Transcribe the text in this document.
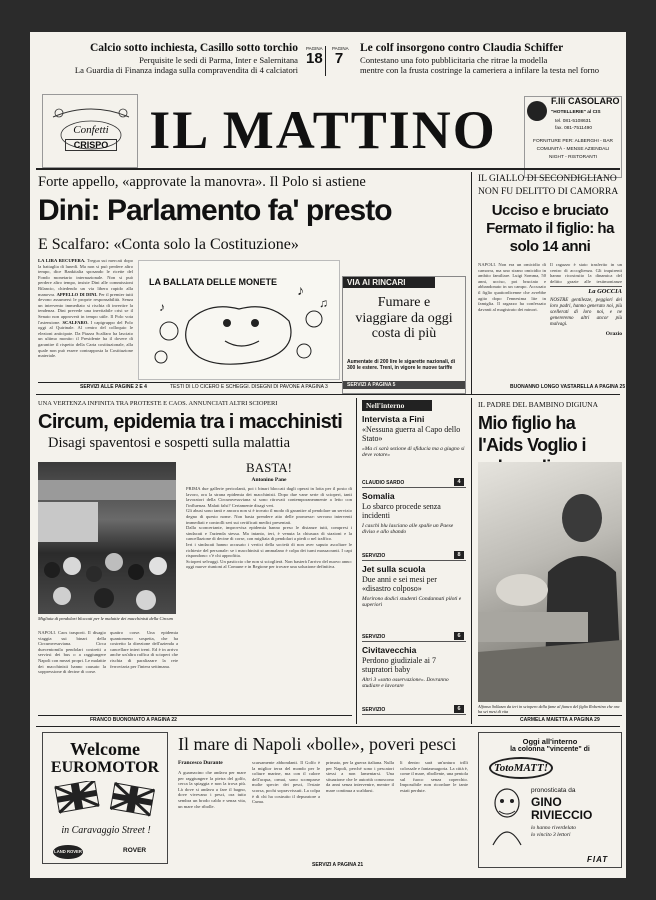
Calcio sotto inchiesta, Casillo sotto torchio
Perquisite le sedi di Parma, Inter e Salernitana
La Guardia di Finanza indaga sulla compravendita di 4 calciatori
PAGINA
18
PAGINA
7
Le colf insorgono contro Claudia Schiffer
Contestano una foto pubblicitaria che ritrae la modella
mentre con la frusta costringe la cameriera a infilare la testa nel forno
Confetti
CRISPO IL MATTINO	F.lli CASOLARO
"HOTELLERIE" al CIS
tel. 081-5108631
fax. 081-7511490
FORNITURE PER: ALBERGHI - BAR
COMUNITÀ - MENSE AZIENDALI
NIGHT - RISTORANTI
Forte appello, «approvate la manovra». Il Polo si astiene
Dini: Parlamento fa' presto
E Scalfaro: «Conta solo la Costituzione»
LA LIRA RECUPERA. Tregua sui mercati dopo la battaglia di lunedì. Ma non si può perdere altro tempo, dice Bankitalia sposando le ricette del Fondo monetario internazionale. Non si può perdere altro tempo, insiste Dini alle commissioni Bilancio, chiedendo un via libera rapido alla manovra. APPELLO DI DINI. Per il premier tutti devono assumersi le proprie responsabilità. Senza un intervento immediato si rischia di invertire la tendenza. Dini prevede una inevitabile crisi se il Senato non approverà in tempo utile. Il Polo vota l'astensione. SCALFARO. I capigruppo del Polo oggi al Quirinale. Al centro del colloquio le elezioni anticipate. Da Piazza Scalfaro ha lasciato un ultimo monito: il Presidente ha il dovere di garantire il rispetto della Carta costituzionale, alla quale non può essere contrapposta la Costituzione materiale.
LA BALLATA DELLE MONETE
♪
♫
♪
SERVIZI ALLE PAGINE 2 E 4	TESTI DI LO CICERO E SCHEGGI. DISEGNI DI PAVONE A PAGINA 3
VIA AI RINCARI
Fumare e viaggiare da oggi costa di più
Aumentate di 200 lire le sigarette nazionali, di 300 le estere. Treni, in vigore le nuove tariffe
SERVIZI A PAGINA 5
IL GIALLO DI SECONDIGLIANO
NON FU DELITTO DI CAMORRA
Ucciso e bruciato Fermato il figlio: ha solo 14 anni
NAPOLI. Non era un omicidio di camorra, ma uno strano omicidio in ambito familiare. Luigi Somma, 50 anni, ucciso, poi bruciato e abbandonato in un campo. Accusato il figlio quattordicenne che avrebbe agito dopo l'ennesima lite in famiglia. Il ragazzo ha confessato davanti al magistrato dei minori.
Il ragazzo è stato trasferito in un centro di accoglienza. Gli inquirenti hanno ricostruito la dinamica del delitto grazie alle testimonianze
La GOCCIA
NOSTRE gentilezze, peggiori dei loro padri, hanno generato noi, più scellerati di loro noi, e ne genereremo altri ancor più malvagi.
Orazio
BUONANNO LONGO VASTARELLA A PAGINA 25
UNA VERTENZA INFINITA TRA PROTESTE E CAOS. ANNUNCIATI ALTRI SCIOPERI
Circum, epidemia tra i macchinisti
Disagi spaventosi e sospetti sulla malattia
Migliaia di pendolari bloccati per le malattie dei macchinisti della Circum
NAPOLI. Caos trasporti. Il disagio viaggia sui binari della Circumvesuviana. Circa duecentomila pendolari costretti a servirsi dei bus o a raggiungere Napoli con mezzi propri. Le malattie dei macchinisti hanno causato la soppressione di decine di corse.
quattro corse. Una epidemia quantomeno sospetta, che ha costretto la direzione dell'azienda a cancellare interi treni. Ed è in arrivo anche un'altra raffica di scioperi che rischia di paralizzare la rete ferroviaria per l'intera settimana.
BASTA!
Antonino Pane

PRIMA due gallerie pericolanti, poi i binari bloccati dagli operai in lotta per il posto di lavoro, ora la strana epidemia dei macchinisti. Dopo due vane serie di scioperi, tanti lavoratori della Circumvesuviana si sono ritrovati contemporaneamente a letto con l'influenza. Malati falsi? Certamente disagi veri.

Gli abusi sono tanti e ancora non si è trovato il modo di garantire al pendolare un servizio degno di questo nome. Non basta prendere atto delle promesse: servono interventi immediati e controlli seri sui certificati medici presentati.

Dalla sconcertante, improvvisa epidemia hanno preso le distanze tutti, compresi i sindacati e l'azienda stessa. Ma intanto, ieri, è venuta la chiusura di stazioni e la cancellazione di decine di corse, con migliaia di pendolari a piedi o nel traffico.

Ieri i sindacati hanno accusato i vertici della società di non aver saputo ascoltare le richieste del personale: se i macchinisti si ammalano è colpa dei turni massacranti. I capi rispondono: c'è chi approfitta.

Scioperi selvaggi. Un pasticcio che non si scioglierà. Non basterà l'arrivo del nuovo anno: oggi nuove riunioni al Comune e in Regione per trovare una soluzione definitiva.

FRANCO BUONONATO A PAGINA 22
Nell'interno
Intervista a Fini
«Nessuna guerra al Capo dello Stato»
«Ma ci sarà sezione di sfiducia ma a giugno si deve votare»
CLAUDIO SARDO	4
Somalia
Lo sbarco procede senza incidenti
I caschi blu lasciano alle spalle un Paese diviso e allo sbando
SERVIZIO	8
Jet sulla scuola
Due anni e sei mesi per «disastro colposo»
Morirono dodici studenti Condannati piloti e superiori
SERVIZIO	6
Civitavecchia
Perdono giudiziale ai 7 stupratori baby
Altri 3 «sotto osservazione». Dovranno studiare e lavorare
SERVIZIO	6
IL PADRE DEL BAMBINO DIGIUNA
Mio figlio ha l'Aids Voglio i
Alfonso Sollazzo da ieri in sciopero della fame al fianco del figlio Robertino che ora ha sei mesi di vita
CARMELA MAIETTA A PAGINA 29
Welcome
EUROMOTOR
in Caravaggio Street !
LAND ROVER	ROVER
Il mare di Napoli «bolle», poveri pesci
Francesco Durante
A guarnacino che andava per mare per raggiungere la pietra del golfo, cerca la spiaggia e non la trova più. Là dove si andava a fare il bagno, dove vivevano i pesci, ora tutto sembra un brodo caldo e senza vita, un mare che ribolle.
scarsamente abbondanti. Il Golfo è la miglior terra del mondo per le colture marine, ma con il calore dell'acqua, ormai, sono scomparse molte specie: dei pesci, l'estate scorsa, pochi sopravvissuti. La colpa è di chi ha costruito il depuratore a Cuma.
primato, per la guerra italiana. Nulla per Napoli, perché sono i pescatori stessi a non lamentarsi. Una situazione che le autorità conoscono da anni senza intervenire, mentre il mare continua a scaldarsi.
lì dentro sarà un'untura trilli colossale e fantasmagoria. La città è, come il mare, ribollente, una pentola sul fuoco senza coperchio. Impossibile non ricordare le tante estati perdute.
SERVIZI A PAGINA 21
Oggi all'interno
la colonna "vincente" di
TotoMATT!
pronosticata da
GINO
RIVIECCIO
lo hanno riverdelato
lo vincito 3 lettori
FIAT
